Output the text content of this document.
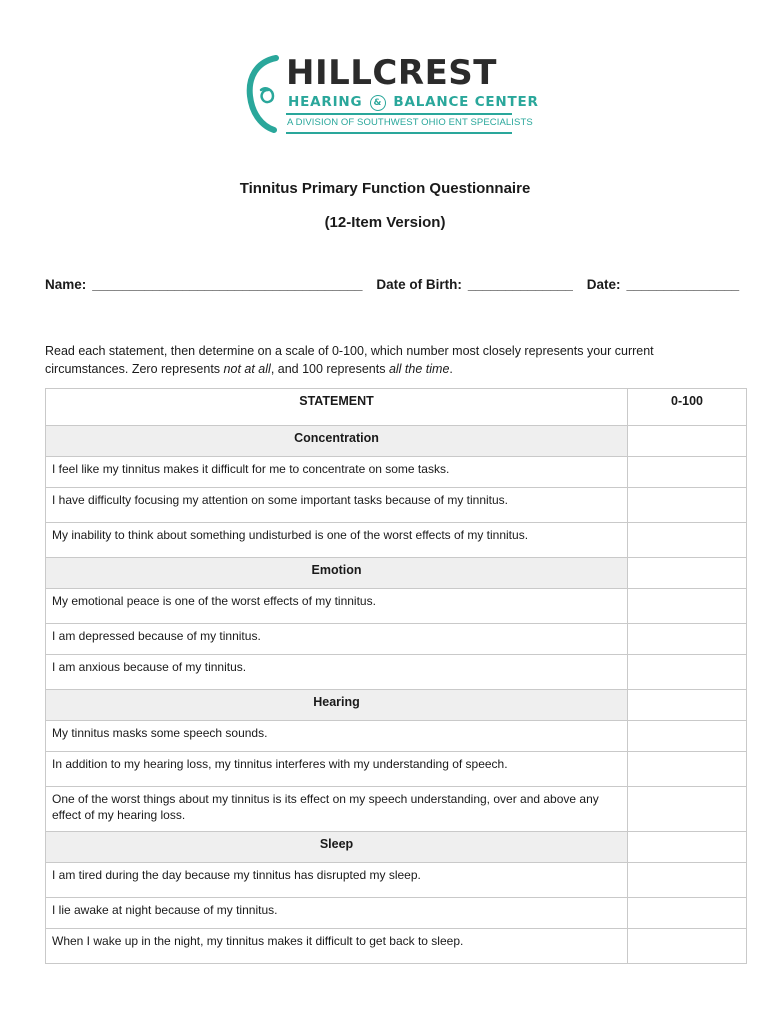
HILLCREST
HEARING & BALANCE CENTER
A DIVISION OF SOUTHWEST OHIO ENT SPECIALISTS
Tinnitus Primary Function Questionnaire
(12-Item Version)
Name: ____________________________________ Date of Birth: ______________ Date: _______________
Read each statement, then determine on a scale of 0-100, which number most closely represents your current circumstances. Zero represents not at all, and 100 represents all the time.
STATEMENT	0-100
Concentration	
I feel like my tinnitus makes it difficult for me to concentrate on some tasks.	
I have difficulty focusing my attention on some important tasks because of my tinnitus.	
My inability to think about something undisturbed is one of the worst effects of my tinnitus.	
Emotion	
My emotional peace is one of the worst effects of my tinnitus.	
I am depressed because of my tinnitus.	
I am anxious because of my tinnitus.	
Hearing	
My tinnitus masks some speech sounds.	
In addition to my hearing loss, my tinnitus interferes with my understanding of speech.	
One of the worst things about my tinnitus is its effect on my speech understanding, over and above any effect of my hearing loss.	
Sleep	
I am tired during the day because my tinnitus has disrupted my sleep.	
I lie awake at night because of my tinnitus.	
When I wake up in the night, my tinnitus makes it difficult to get back to sleep.	
